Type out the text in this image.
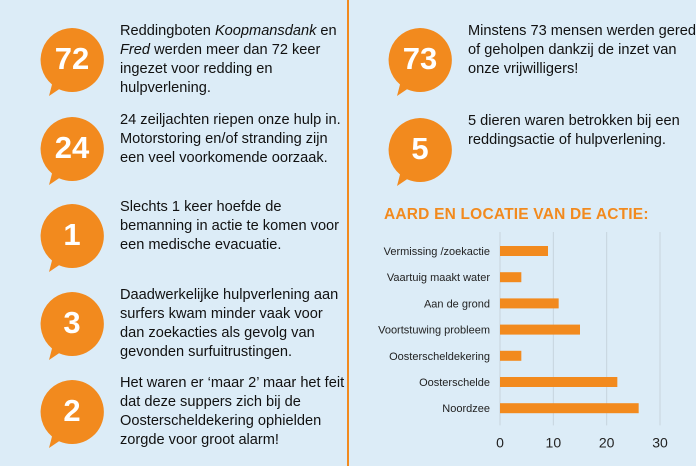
72
Reddingboten Koopmansdank en Fred werden meer dan 72 keer ingezet voor redding en hulpverlening.
24
24 zeiljachten riepen onze hulp in. Motorstoring en/of stranding zijn een veel voorkomende oorzaak.
1
Slechts 1 keer hoefde de bemanning in actie te komen voor een medische evacuatie.
3
Daadwerkelijke hulpverlening aan surfers kwam minder vaak voor dan zoekacties als gevolg van gevonden surfuitrustingen.
2
Het waren er ‘maar 2’ maar het feit dat deze suppers zich bij de Oosterscheldekering ophielden zorgde voor groot alarm!
73
Minstens 73 mensen werden gered of geholpen dankzij de inzet van onze vrijwilligers!
5
5 dieren waren betrokken bij een reddingsactie of hulpverlening.
AARD EN LOCATIE VAN DE ACTIE:
0	10	20	30
Vermissing /zoekactie
Vaartuig maakt water
Aan de grond
Voortstuwing probleem
Oosterscheldekering
Oosterschelde
Noordzee
